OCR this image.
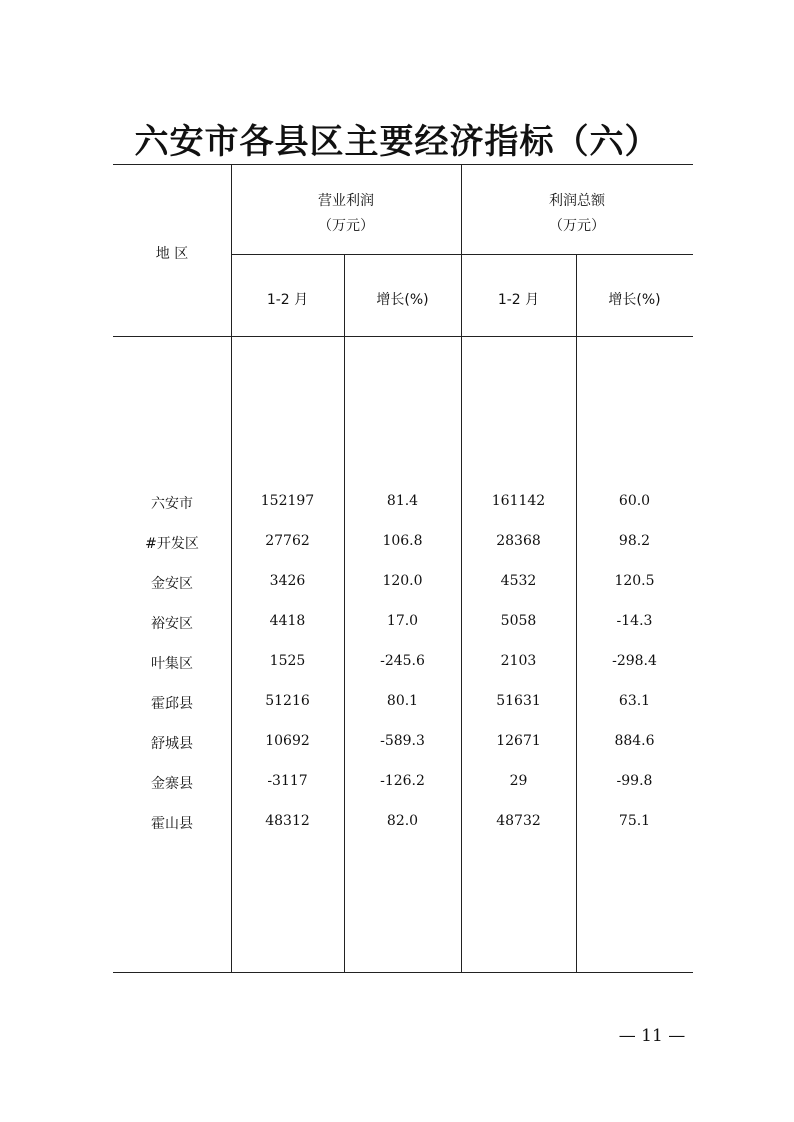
六安市各县区主要经济指标（六）
地 区
营业利润
（万元）
利润总额
（万元）
1-2 月	增长(%)	1-2 月	增长(%)
六安市	152197	81.4	161142	60.0
#开发区	27762	106.8	28368	98.2
金安区	3426	120.0	4532	120.5
裕安区	4418	17.0	5058	-14.3
叶集区	1525	-245.6	2103	-298.4
霍邱县	51216	80.1	51631	63.1
舒城县	10692	-589.3	12671	884.6
金寨县	-3117	-126.2	29	-99.8
霍山县	48312	82.0	48732	75.1
— 11 —
